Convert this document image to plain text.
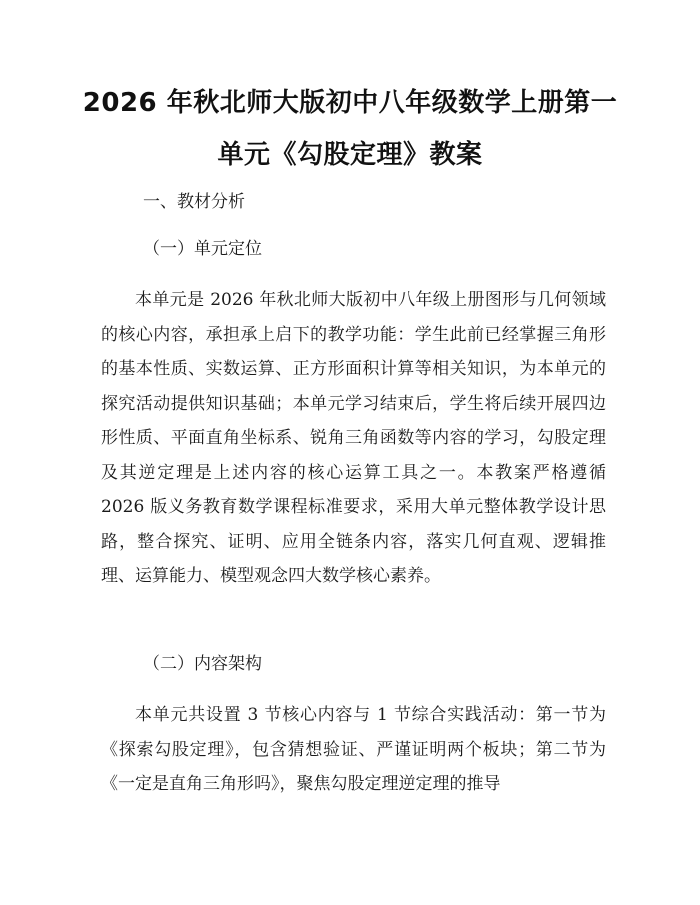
2026 年秋北师大版初中八年级数学上册第一
单元《勾股定理》教案
一、教材分析
（一）单元定位

本单元是 2026 年秋北师大版初中八年级上册图形与几何领域的核心内容，承担承上启下的教学功能：学生此前已经掌握三角形的基本性质、实数运算、正方形面积计算等相关知识，为本单元的探究活动提供知识基础；本单元学习结束后，学生将后续开展四边形性质、平面直角坐标系、锐角三角函数等内容的学习，勾股定理及其逆定理是上述内容的核心运算工具之一。本教案严格遵循 2026 版义务教育数学课程标准要求，采用大单元整体教学设计思路，整合探究、证明、应用全链条内容，落实几何直观、逻辑推理、运算能力、模型观念四大数学核心素养。

（二）内容架构

本单元共设置 3 节核心内容与 1 节综合实践活动：第一节为《探索勾股定理》，包含猜想验证、严谨证明两个板块；第二节为《一定是直角三角形吗》，聚焦勾股定理逆定理的推导
